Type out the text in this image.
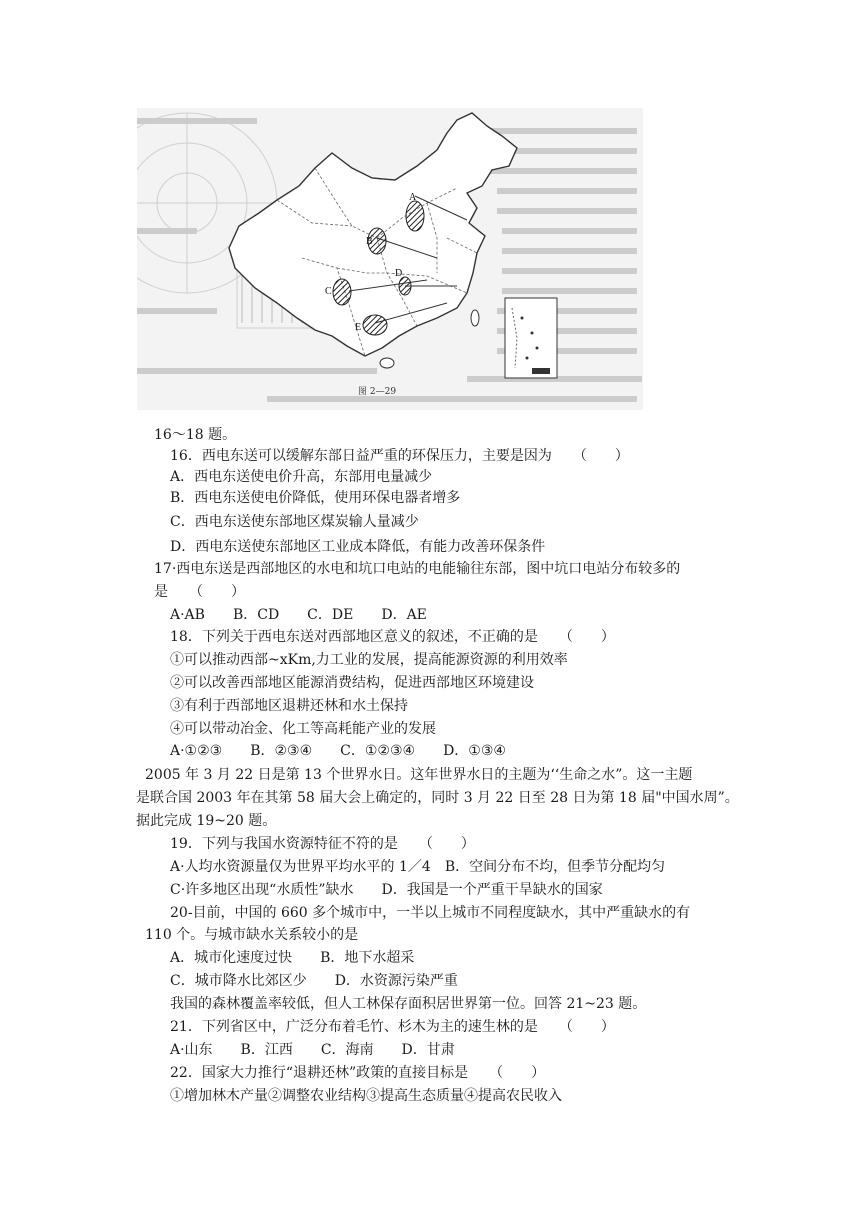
A
B
C
D
E
图 2—29
16～18 题。
16．西电东送可以缓解东部日益严重的环保压力，主要是因为　　（　　）
A．西电东送使电价升高，东部用电量减少
B．西电东送使电价降低，使用环保电器者增多
C．西电东送使东部地区煤炭输人量减少
D．西电东送使东部地区工业成本降低，有能力改善环保条件
17·西电东送是西部地区的水电和坑口电站的电能输往东部，图中坑口电站分布较多的
是　　（　　）
A·AB　　B．CD　　C．DE　　D．AE
18．下列关于西电东送对西部地区意义的叙述，不正确的是　　（　　）
①可以推动西部~xKm,力工业的发展，提高能源资源的利用效率
②可以改善西部地区能源消费结构，促进西部地区环境建设
③有利于西部地区退耕还林和水土保持
④可以带动冶金、化工等高耗能产业的发展
A·①②③　　B．②③④　　C．①②③④　　D．①③④
2005 年 3 月 22 日是第 13 个世界水日。这年世界水日的主题为‘‘生命之水”。这一主题
是联合国 2003 年在其第 58 届大会上确定的，同时 3 月 22 日至 28 日为第 18 届"中国水周”。
据此完成 19~20 题。
19．下列与我国水资源特征不符的是　　（　　）
A·人均水资源量仅为世界平均水平的 1／4　B．空间分布不均，但季节分配均匀
C·许多地区出现“水质性”缺水　　D．我国是一个严重干旱缺水的国家
20-目前，中国的 660 多个城市中，一半以上城市不同程度缺水，其中严重缺水的有
110 个。与城市缺水关系较小的是
A．城市化速度过快　　B．地下水超采
C．城市降水比郊区少　　D．水资源污染严重
我国的森林覆盖率较低，但人工林保存面积居世界第一位。回答 21~23 题。
21．下列省区中，广泛分布着毛竹、杉木为主的速生林的是　　（　　）
A·山东　　B．江西　　C．海南　　D．甘肃
22．国家大力推行“退耕还林”政策的直接目标是　　（　　）
①增加林木产量②调整农业结构③提高生态质量④提高农民收入
